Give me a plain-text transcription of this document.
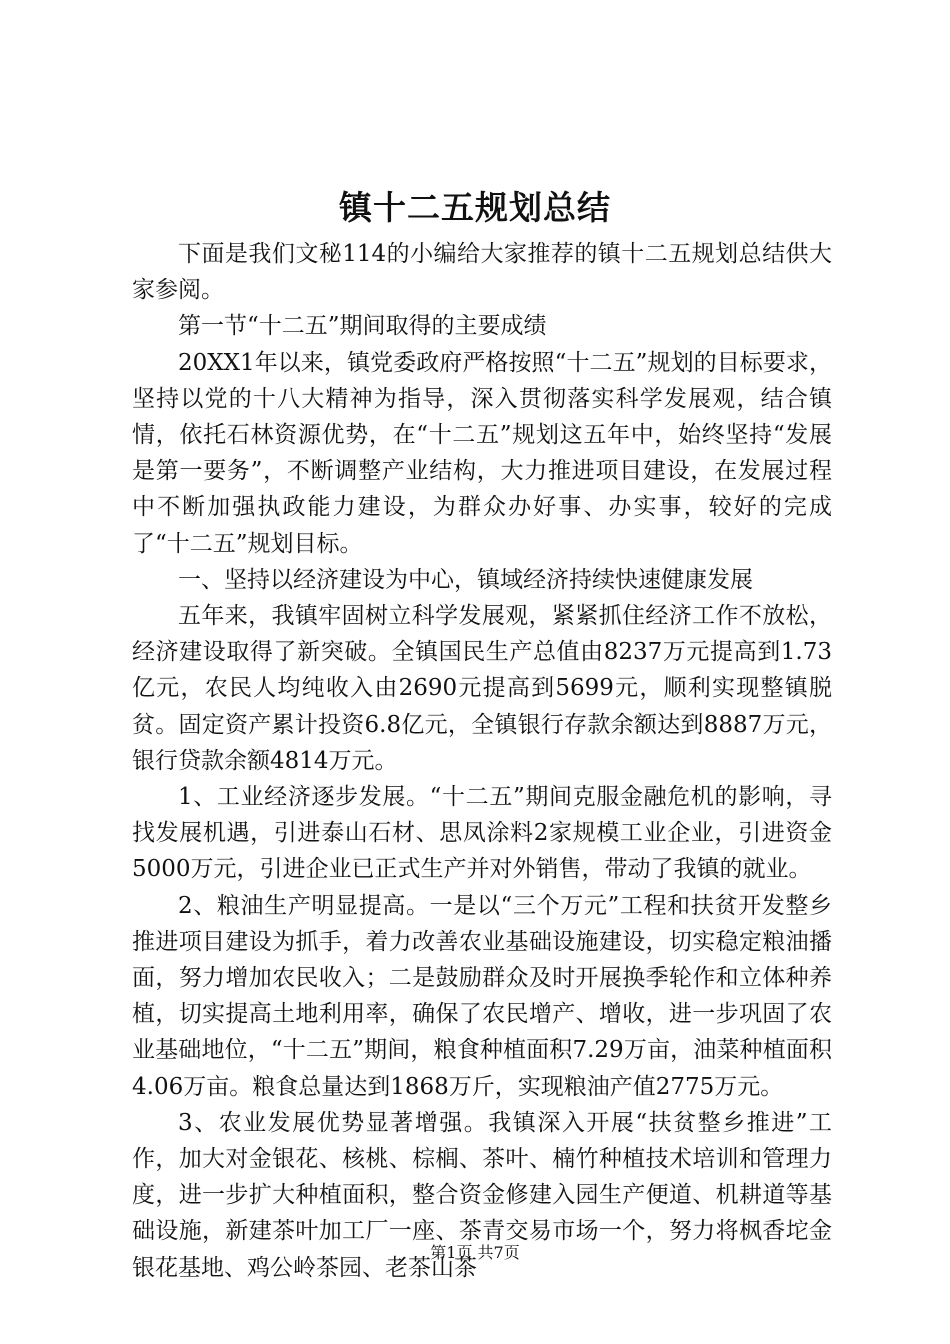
镇十二五规划总结

下面是我们文秘114的小编给大家推荐的镇十二五规划总结供大家参阅。

第一节“十二五”期间取得的主要成绩

20XX1年以来，镇党委政府严格按照“十二五”规划的目标要求，坚持以党的十八大精神为指导，深入贯彻落实科学发展观，结合镇情，依托石林资源优势，在“十二五”规划这五年中，始终坚持“发展是第一要务”，不断调整产业结构，大力推进项目建设，在发展过程中不断加强执政能力建设，为群众办好事、办实事，较好的完成了“十二五”规划目标。

一、坚持以经济建设为中心，镇域经济持续快速健康发展

五年来，我镇牢固树立科学发展观，紧紧抓住经济工作不放松，经济建设取得了新突破。全镇国民生产总值由8237万元提高到1.73亿元，农民人均纯收入由2690元提高到5699元，顺利实现整镇脱贫。固定资产累计投资6.8亿元，全镇银行存款余额达到8887万元，银行贷款余额4814万元。

1、工业经济逐步发展。“十二五”期间克服金融危机的影响，寻找发展机遇，引进泰山石材、思凤涂料2家规模工业企业，引进资金5000万元，引进企业已正式生产并对外销售，带动了我镇的就业。

2、粮油生产明显提高。一是以“三个万元”工程和扶贫开发整乡推进项目建设为抓手，着力改善农业基础设施建设，切实稳定粮油播面，努力增加农民收入；二是鼓励群众及时开展换季轮作和立体种养植，切实提高土地利用率，确保了农民增产、增收，进一步巩固了农业基础地位，“十二五”期间，粮食种植面积7.29万亩，油菜种植面积4.06万亩。粮食总量达到1868万斤，实现粮油产值2775万元。

3、农业发展优势显著增强。我镇深入开展“扶贫整乡推进”工作，加大对金银花、核桃、棕榈、茶叶、楠竹种植技术培训和管理力度，进一步扩大种植面积，整合资金修建入园生产便道、机耕道等基础设施，新建茶叶加工厂一座、茶青交易市场一个，努力将枫香坨金银花基地、鸡公岭茶园、老茶山茶

第1页 共7页
